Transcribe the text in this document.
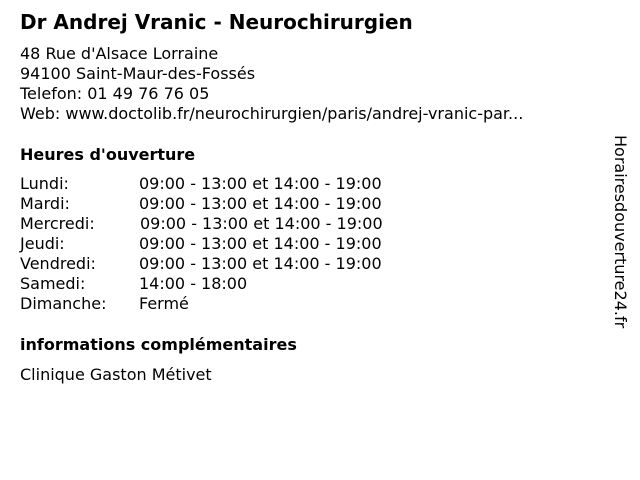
Dr Andrej Vranic - Neurochirurgien
48 Rue d'Alsace Lorraine
94100 Saint-Maur-des-Fossés
Telefon: 01 49 76 76 05
Web: www.doctolib.fr/neurochirurgien/paris/andrej-vranic-par...
Heures d'ouverture
Lundi:	09:00 - 13:00 et 14:00 - 19:00
Mardi:	09:00 - 13:00 et 14:00 - 19:00
Mercredi:	09:00 - 13:00 et 14:00 - 19:00
Jeudi:	09:00 - 13:00 et 14:00 - 19:00
Vendredi:	09:00 - 13:00 et 14:00 - 19:00
Samedi:	14:00 - 18:00
Dimanche: Fermé
informations complémentaires
Clinique Gaston Métivet
Horairesdouverture24.fr
